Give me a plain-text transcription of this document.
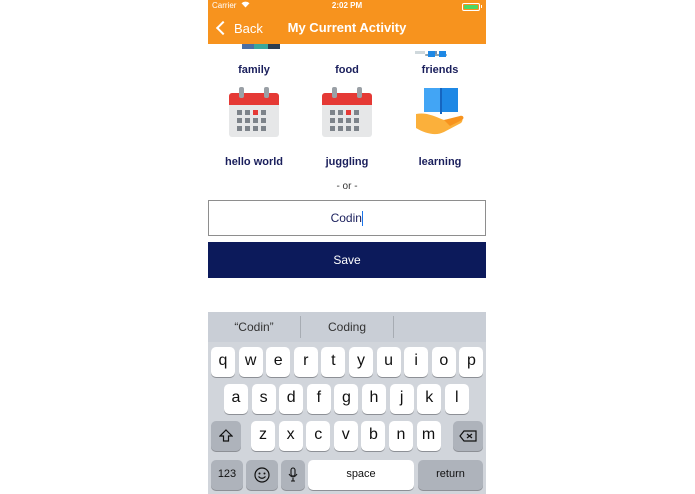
Carrier	2:02 PM
Back	My Current Activity
family	food	friends
hello world	juggling	learning
- or -
Codin
Save
“Codin”	Coding
q	w	e	r	t	y	u	i	o	p
a	s	d	f	g	h	j	k	l
z	x	c	v	b	n	m
123	space	return
